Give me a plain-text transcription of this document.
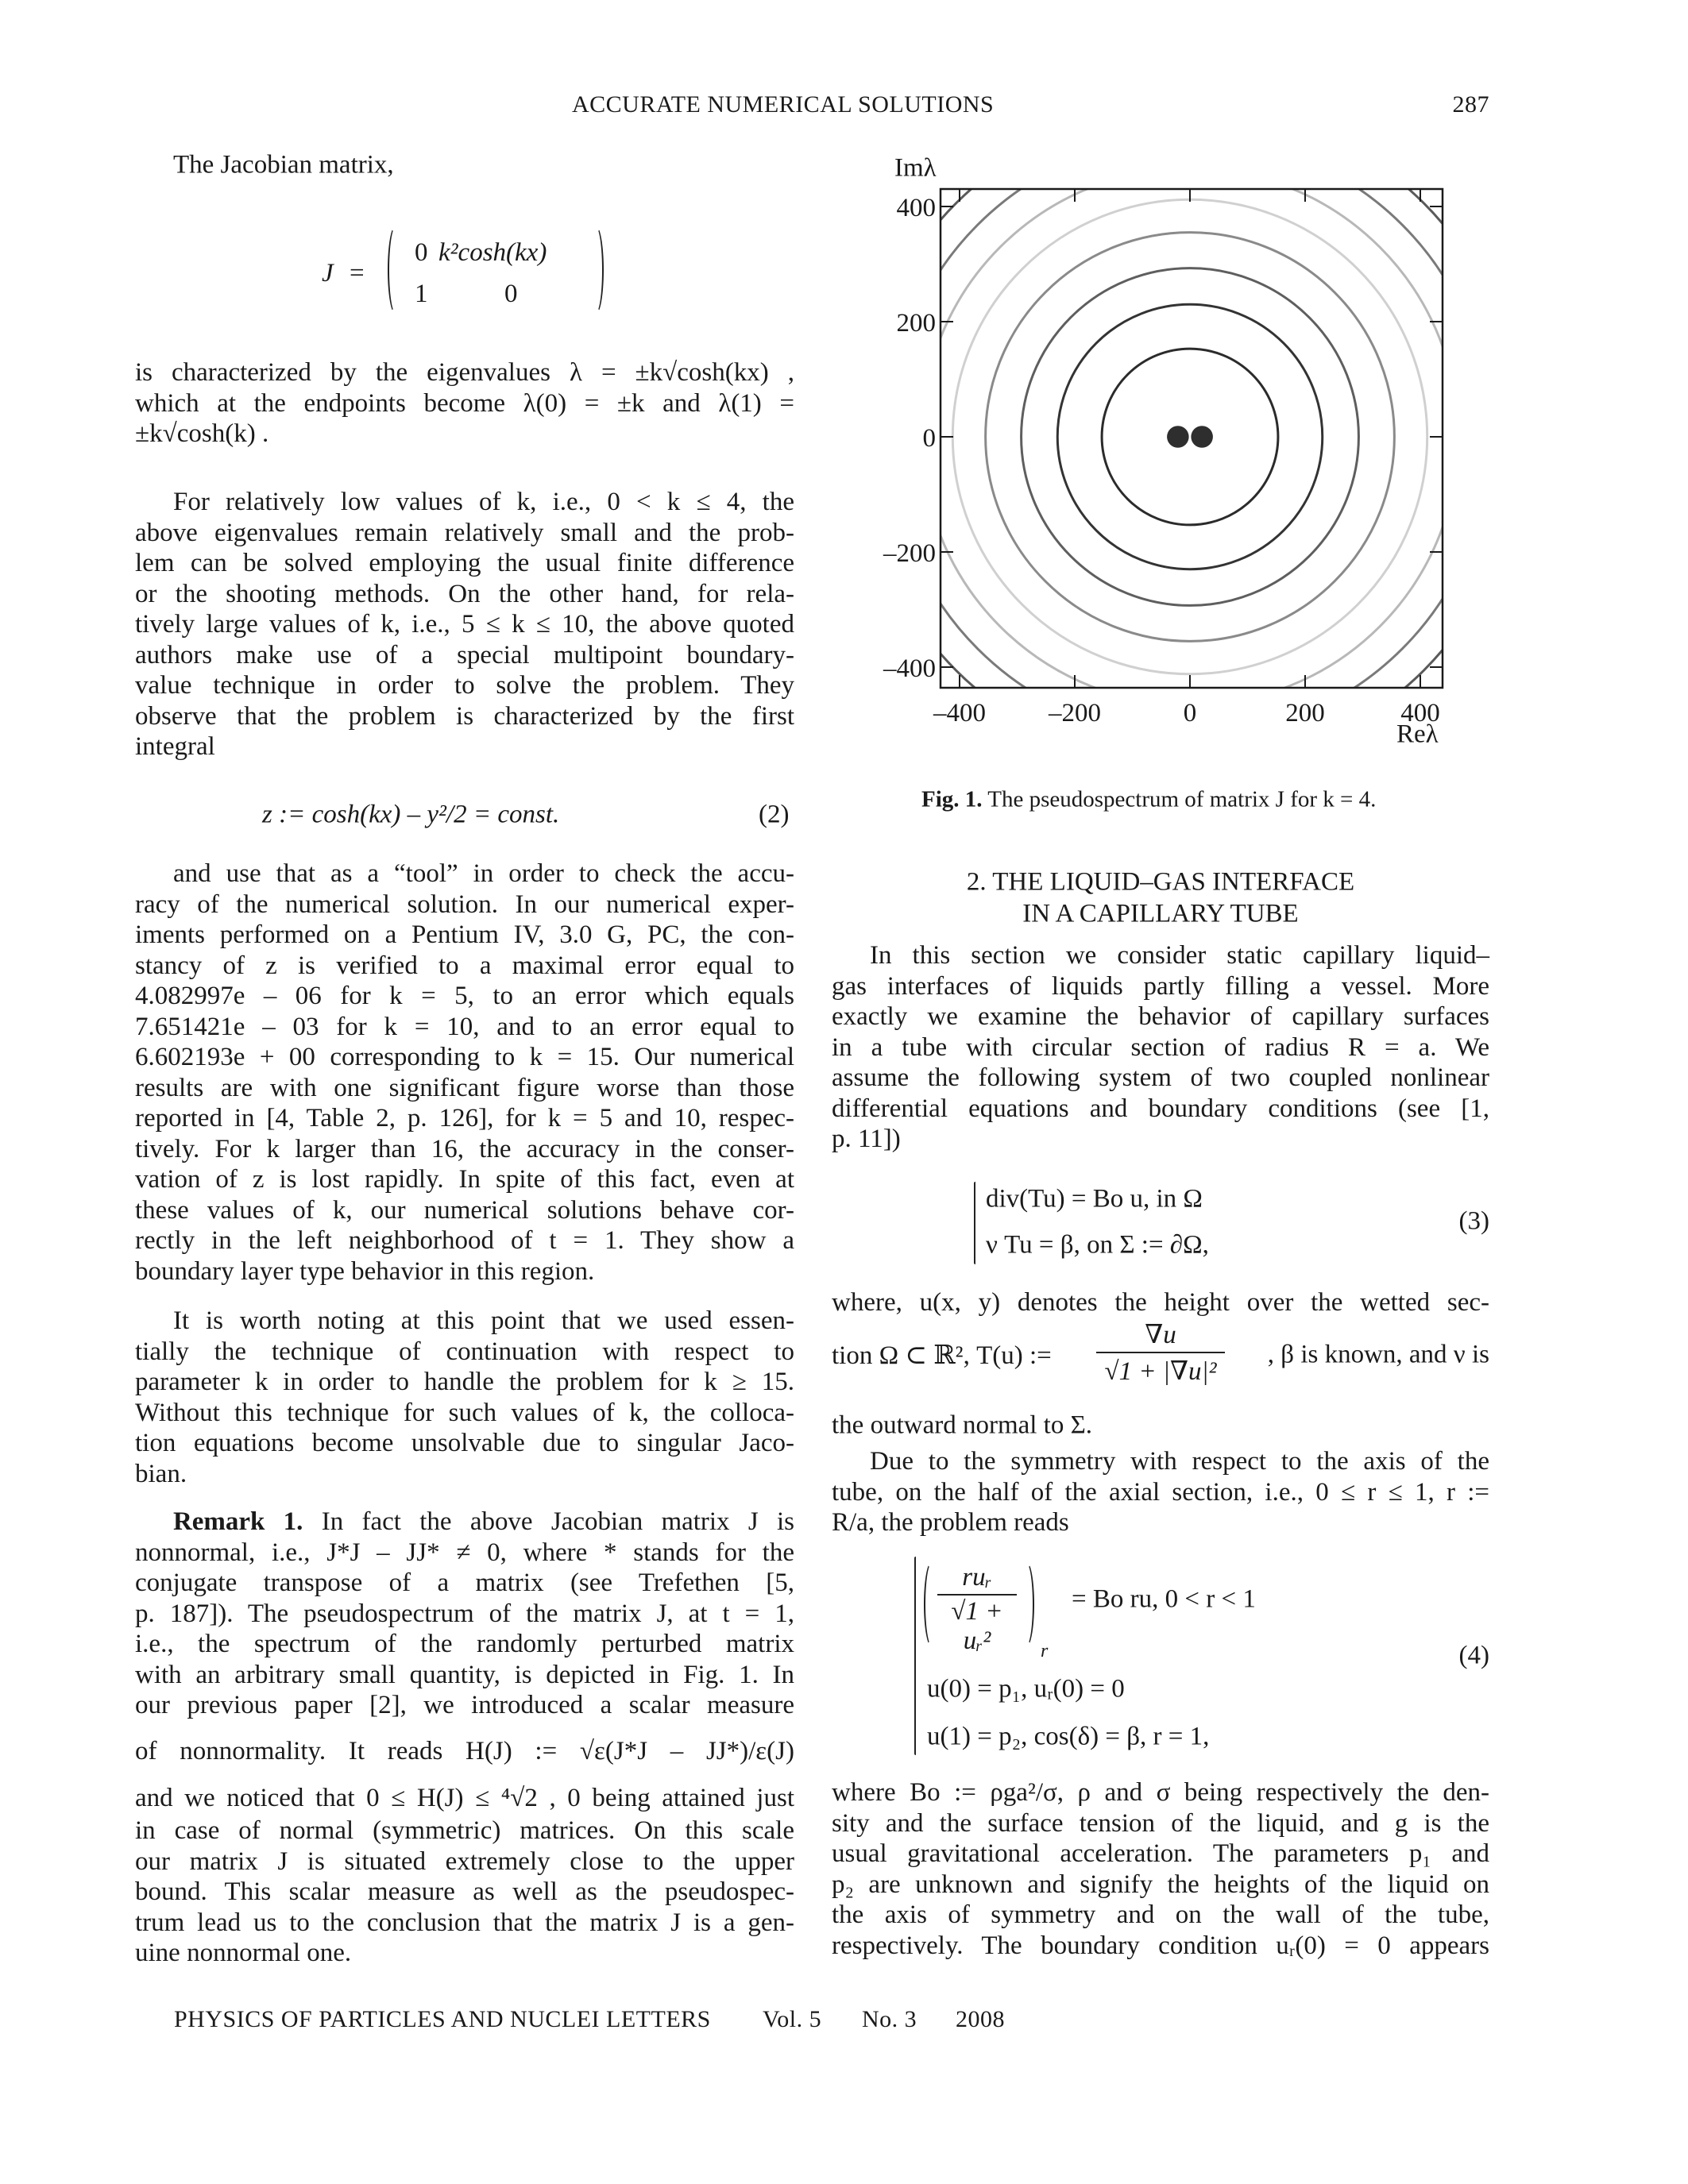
ACCURATE NUMERICAL SOLUTIONS	287
The Jacobian matrix,
J =
0 k²cosh(kx)
1	0
is characterized by the eigenvalues λ = ±k√cosh(kx) ,
which at the endpoints become λ(0) = ±k and λ(1) =
±k√cosh(k) .
For relatively low values of k, i.e., 0 < k ≤ 4, the
above eigenvalues remain relatively small and the prob-
lem can be solved employing the usual finite difference
or the shooting methods. On the other hand, for rela-
tively large values of k, i.e., 5 ≤ k ≤ 10, the above quoted
authors make use of a special multipoint boundary-
value technique in order to solve the problem. They
observe that the problem is characterized by the first
integral
z := cosh(kx) – y²/2 = const.	(2)
and use that as a “tool” in order to check the accu-
racy of the numerical solution. In our numerical exper-
iments performed on a Pentium IV, 3.0 G, PC, the con-
stancy of z is verified to a maximal error equal to
4.082997e – 06 for k = 5, to an error which equals
7.651421e – 03 for k = 10, and to an error equal to
6.602193e + 00 corresponding to k = 15. Our numerical
results are with one significant figure worse than those
reported in [4, Table 2, p. 126], for k = 5 and 10, respec-
tively. For k larger than 16, the accuracy in the conser-
vation of z is lost rapidly. In spite of this fact, even at
these values of k, our numerical solutions behave cor-
rectly in the left neighborhood of t = 1. They show a
boundary layer type behavior in this region.
It is worth noting at this point that we used essen-
tially the technique of continuation with respect to
parameter k in order to handle the problem for k ≥ 15.
Without this technique for such values of k, the colloca-
tion equations become unsolvable due to singular Jaco-
bian.
Remark 1. In fact the above Jacobian matrix J is
nonnormal, i.e., J*J – JJ* ≠ 0, where * stands for the
conjugate transpose of a matrix (see Trefethen [5,
p. 187]). The pseudospectrum of the matrix J, at t = 1,
i.e., the spectrum of the randomly perturbed matrix
with an arbitrary small quantity, is depicted in Fig. 1. In
our previous paper [2], we introduced a scalar measure
of nonnormality. It reads H(J) := √ε(J*J – JJ*)/ε(J)
and we noticed that 0 ≤ H(J) ≤ ⁴√2 , 0 being attained just
in case of normal (symmetric) matrices. On this scale
our matrix J is situated extremely close to the upper
bound. This scalar measure as well as the pseudospec-
trum lead us to the conclusion that the matrix J is a gen-
uine nonnormal one.
Imλ
Reλ
–400 –200	0	200	400
–400
–200
0
200
400
Fig. 1. The pseudospectrum of matrix J for k = 4.
2. THE LIQUID–GAS INTERFACE
IN A CAPILLARY TUBE
In this section we consider static capillary liquid–
gas interfaces of liquids partly filling a vessel. More
exactly we examine the behavior of capillary surfaces
in a tube with circular section of radius R = a. We
assume the following system of two coupled nonlinear
differential equations and boundary conditions (see [1,
p. 11])
div(Tu) = Bo u, in Ω
ν Tu = β, on Σ := ∂Ω,
(3)
where, u(x, y) denotes the height over the wetted sec-
tion Ω ⊂ ℝ², T(u) :=
∇u
√1 + |∇u|²
, β is known, and ν is
the outward normal to Σ.
Due to the symmetry with respect to the axis of the
tube, on the half of the axial section, i.e., 0 ≤ r ≤ 1, r :=
R/a, the problem reads
ruᵣ
√1 + uᵣ²	r
= Bo ru, 0 < r < 1
u(0) = p₁, uᵣ(0) = 0
u(1) = p₂, cos(δ) = β, r = 1,
(4)
where Bo := ρga²/σ, ρ and σ being respectively the den-
sity and the surface tension of the liquid, and g is the
usual gravitational acceleration. The parameters p₁ and
p₂ are unknown and signify the heights of the liquid on
the axis of symmetry and on the wall of the tube,
respectively. The boundary condition uᵣ(0) = 0 appears
PHYSICS OF PARTICLES AND NUCLEI LETTERS Vol. 5 No. 3 2008
